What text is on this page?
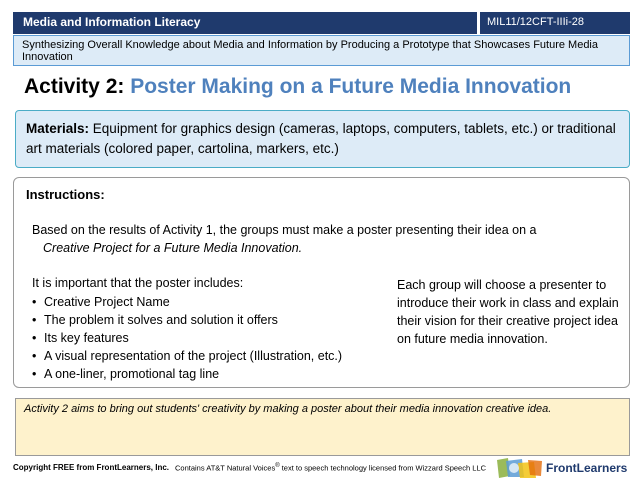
Media and Information Literacy	MIL11/12CFT-IIIi-28
Synthesizing Overall Knowledge about Media and Information by Producing a Prototype that Showcases Future Media Innovation
Activity 2: Poster Making on a Future Media Innovation
Materials: Equipment for graphics design (cameras, laptops, computers, tablets, etc.) or traditional art materials (colored paper, cartolina, markers, etc.)
Instructions:
Based on the results of Activity 1, the groups must make a poster presenting their idea on a
Creative Project for a Future Media Innovation.
It is important that the poster includes:
• Creative Project Name
• The problem it solves and solution it offers
• Its key features
• A visual representation of the project (Illustration, etc.)
• A one-liner, promotional tag line
Each group will choose a presenter to introduce their work in class and explain their vision for their creative project idea on future media innovation.
Activity 2 aims to bring out students' creativity by making a poster about their media innovation creative idea.
Copyright FREE from FrontLearners, Inc. Contains AT&T Natural Voices® text to speech technology licensed from Wizzard Speech LLC	FrontLearners
